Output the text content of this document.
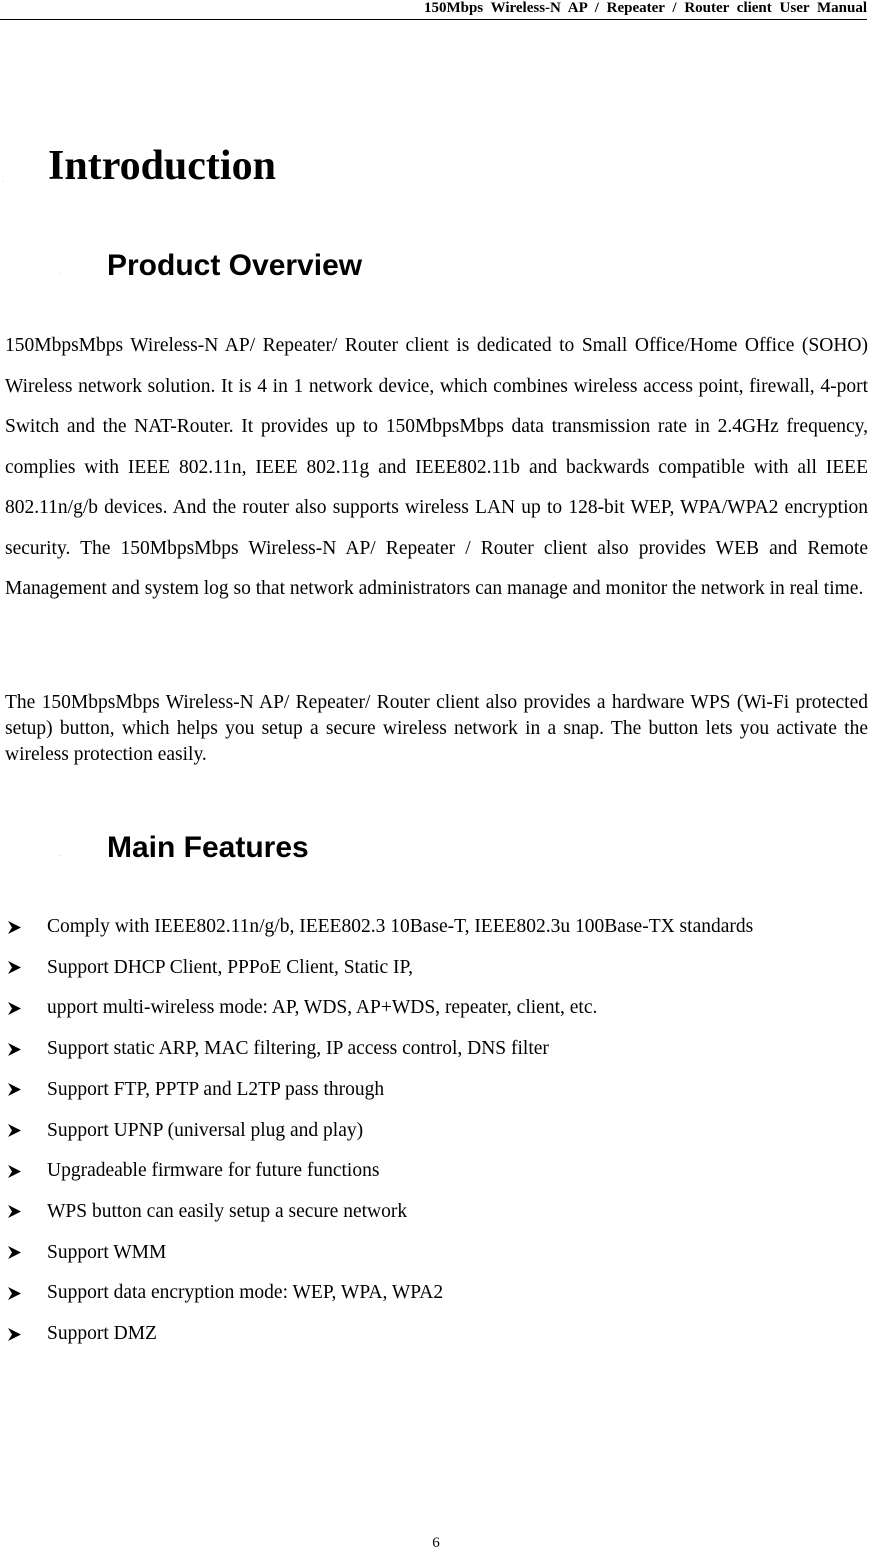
150Mbps Wireless-N AP / Repeater / Router client User Manual
. Introduction
. Product Overview

150MbpsMbps Wireless-N AP/ Repeater/ Router client is dedicated to Small Office/Home Office (SOHO) Wireless network solution. It is 4 in 1 network device, which combines wireless access point, firewall, 4-port Switch and the NAT-Router. It provides up to 150MbpsMbps data transmission rate in 2.4GHz frequency, complies with IEEE 802.11n, IEEE 802.11g and IEEE802.11b and backwards compatible with all IEEE 802.11n/g/b devices. And the router also supports wireless LAN up to 128-bit WEP, WPA/WPA2 encryption security. The 150MbpsMbps Wireless-N AP/ Repeater / Router client also provides WEB and Remote Management and system log so that network administrators can manage and monitor the network in real time.

The 150MbpsMbps Wireless-N AP/ Repeater/ Router client also provides a hardware WPS (Wi-Fi protected setup) button, which helps you setup a secure wireless network in a snap. The button lets you activate the wireless protection easily.

. Main Features
Comply with IEEE802.11n/g/b, IEEE802.3 10Base-T, IEEE802.3u 100Base-TX standards
Support DHCP Client, PPPoE Client, Static IP,
upport multi-wireless mode: AP, WDS, AP+WDS, repeater, client, etc.
Support static ARP, MAC filtering, IP access control, DNS filter
Support FTP, PPTP and L2TP pass through
Support UPNP (universal plug and play)
Upgradeable firmware for future functions
WPS button can easily setup a secure network
Support WMM
Support data encryption mode: WEP, WPA, WPA2
Support DMZ
6
